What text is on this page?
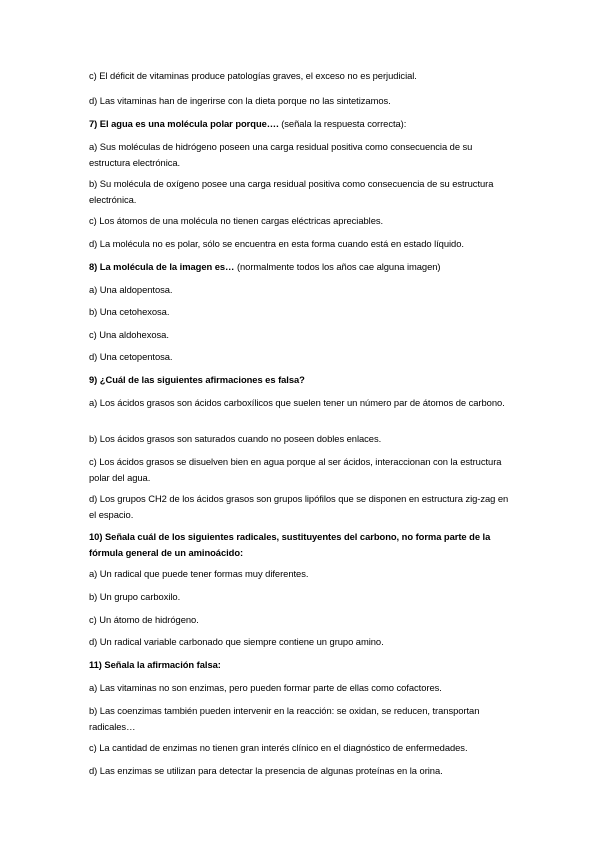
c) El déficit de vitaminas produce patologías graves, el exceso no es perjudicial.
d) Las vitaminas han de ingerirse con la dieta porque no las sintetizamos.
7) El agua es una molécula polar porque…. (señala la respuesta correcta):
a) Sus moléculas de hidrógeno poseen una carga residual positiva como consecuencia de su estructura electrónica.
b) Su molécula de oxígeno posee una carga residual positiva como consecuencia de su estructura electrónica.
c) Los átomos de una molécula no tienen cargas eléctricas apreciables.
d) La molécula no es polar, sólo se encuentra en esta forma cuando está en estado líquido.
8) La molécula de la imagen es… (normalmente todos los años cae alguna imagen)
a) Una aldopentosa.
b) Una cetohexosa.
c) Una aldohexosa.
d) Una cetopentosa.
9) ¿Cuál de las siguientes afirmaciones es falsa?
a) Los ácidos grasos son ácidos carboxílicos que suelen tener un número par de átomos de carbono.
b) Los ácidos grasos son saturados cuando no poseen dobles enlaces.
c) Los ácidos grasos se disuelven bien en agua porque al ser ácidos, interaccionan con la estructura polar del agua.
d) Los grupos CH2 de los ácidos grasos son grupos lipófilos que se disponen en estructura zig-zag en el espacio.
10) Señala cuál de los siguientes radicales, sustituyentes del carbono, no forma parte de la fórmula general de un aminoácido:
a) Un radical que puede tener formas muy diferentes.
b) Un grupo carboxilo.
c) Un átomo de hidrógeno.
d) Un radical variable carbonado que siempre contiene un grupo amino.
11) Señala la afirmación falsa:
a) Las vitaminas no son enzimas, pero pueden formar parte de ellas como cofactores.
b) Las coenzimas también pueden intervenir en la reacción: se oxidan, se reducen, transportan radicales…
c) La cantidad de enzimas no tienen gran interés clínico en el diagnóstico de enfermedades.
d) Las enzimas se utilizan para detectar la presencia de algunas proteínas en la orina.
